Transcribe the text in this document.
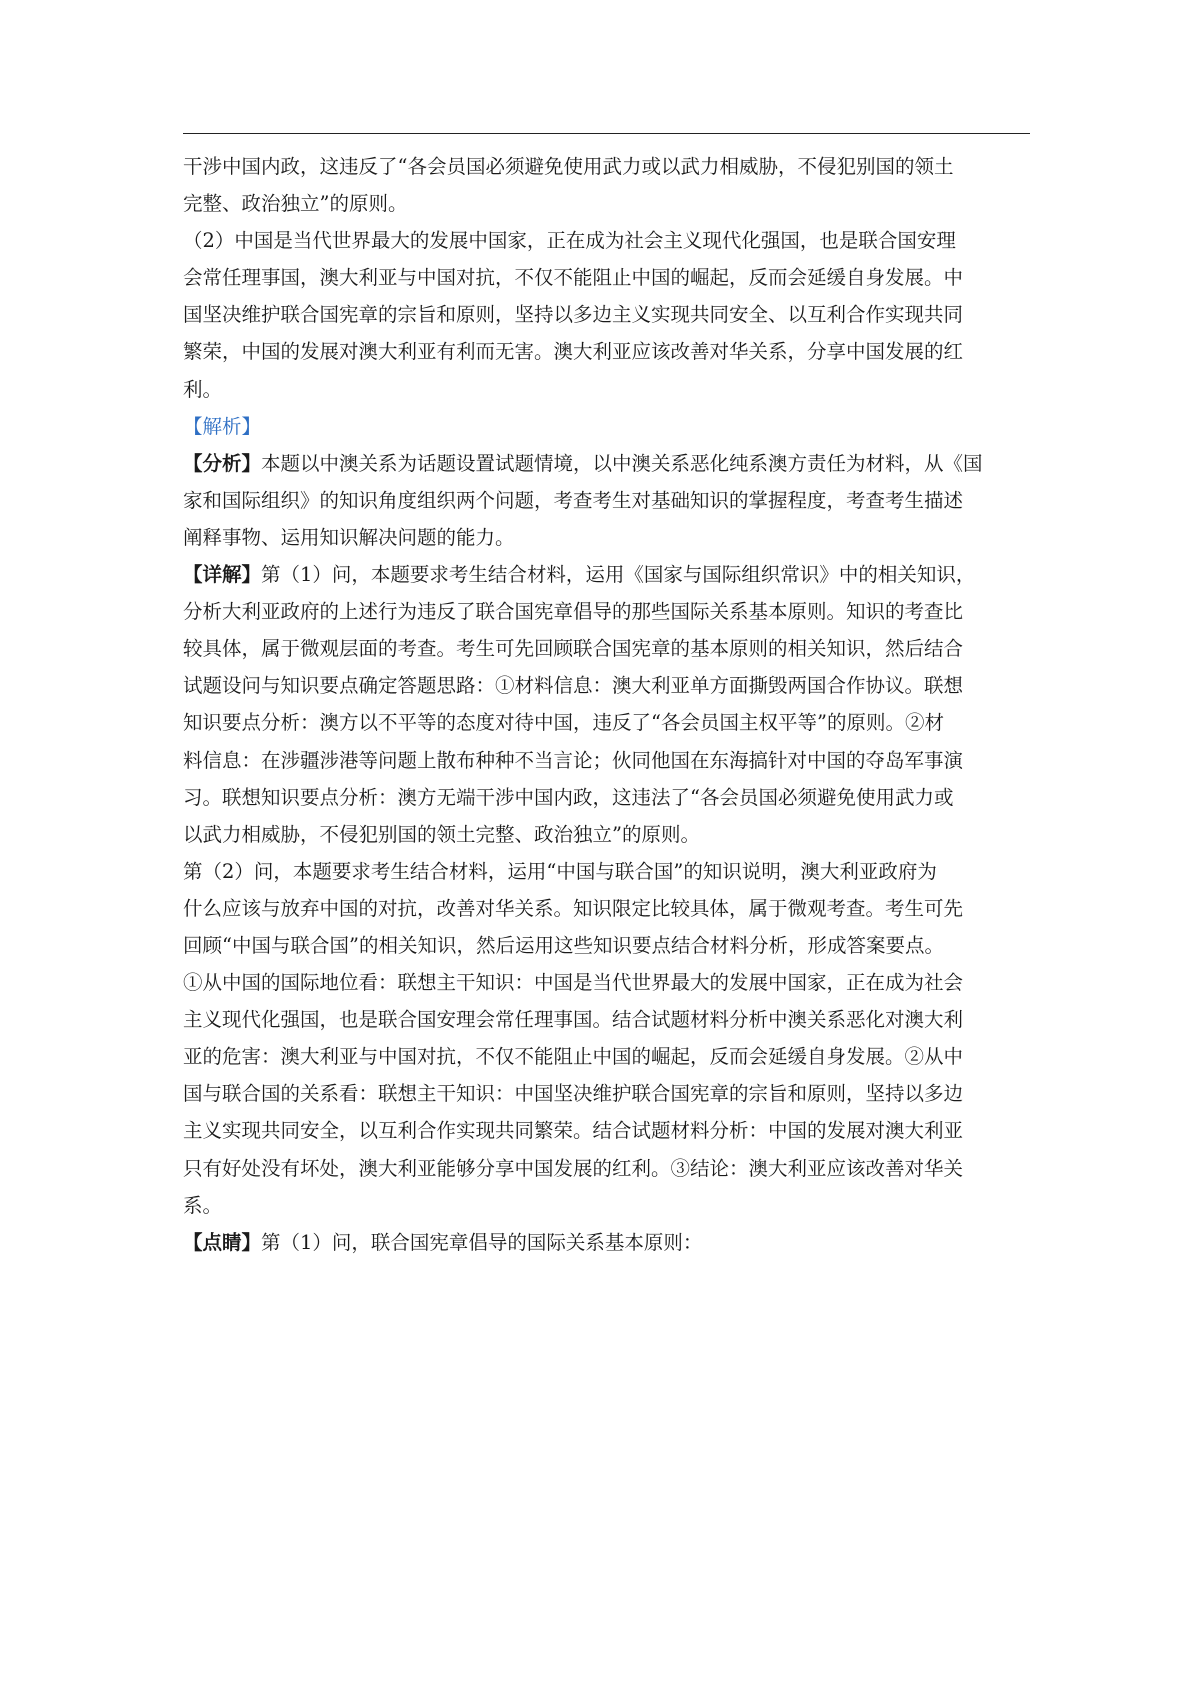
干涉中国内政，这违反了“各会员国必须避免使用武力或以武力相威胁，不侵犯别国的领土
完整、政治独立”的原则。
（2）中国是当代世界最大的发展中国家，正在成为社会主义现代化强国，也是联合国安理
会常任理事国，澳大利亚与中国对抗，不仅不能阻止中国的崛起，反而会延缓自身发展。中
国坚决维护联合国宪章的宗旨和原则，坚持以多边主义实现共同安全、以互利合作实现共同
繁荣，中国的发展对澳大利亚有利而无害。澳大利亚应该改善对华关系，分享中国发展的红
利。
【解析】
【分析】本题以中澳关系为话题设置试题情境，以中澳关系恶化纯系澳方责任为材料，从《国
家和国际组织》的知识角度组织两个问题，考查考生对基础知识的掌握程度，考查考生描述
阐释事物、运用知识解决问题的能力。
【详解】第（1）问，本题要求考生结合材料，运用《国家与国际组织常识》中的相关知识，
分析大利亚政府的上述行为违反了联合国宪章倡导的那些国际关系基本原则。知识的考查比
较具体，属于微观层面的考查。考生可先回顾联合国宪章的基本原则的相关知识，然后结合
试题设问与知识要点确定答题思路：①材料信息：澳大利亚单方面撕毁两国合作协议。联想
知识要点分析：澳方以不平等的态度对待中国，违反了“各会员国主权平等”的原则。②材
料信息：在涉疆涉港等问题上散布种种不当言论；伙同他国在东海搞针对中国的夺岛军事演
习。联想知识要点分析：澳方无端干涉中国内政，这违法了“各会员国必须避免使用武力或
以武力相威胁，不侵犯别国的领土完整、政治独立”的原则。
第（2）问，本题要求考生结合材料，运用“中国与联合国”的知识说明，澳大利亚政府为
什么应该与放弃中国的对抗，改善对华关系。知识限定比较具体，属于微观考查。考生可先
回顾“中国与联合国”的相关知识，然后运用这些知识要点结合材料分析，形成答案要点。
①从中国的国际地位看：联想主干知识：中国是当代世界最大的发展中国家，正在成为社会
主义现代化强国，也是联合国安理会常任理事国。结合试题材料分析中澳关系恶化对澳大利
亚的危害：澳大利亚与中国对抗，不仅不能阻止中国的崛起，反而会延缓自身发展。②从中
国与联合国的关系看：联想主干知识：中国坚决维护联合国宪章的宗旨和原则，坚持以多边
主义实现共同安全，以互利合作实现共同繁荣。结合试题材料分析：中国的发展对澳大利亚
只有好处没有坏处，澳大利亚能够分享中国发展的红利。③结论：澳大利亚应该改善对华关
系。
【点睛】第（1）问，联合国宪章倡导的国际关系基本原则：
